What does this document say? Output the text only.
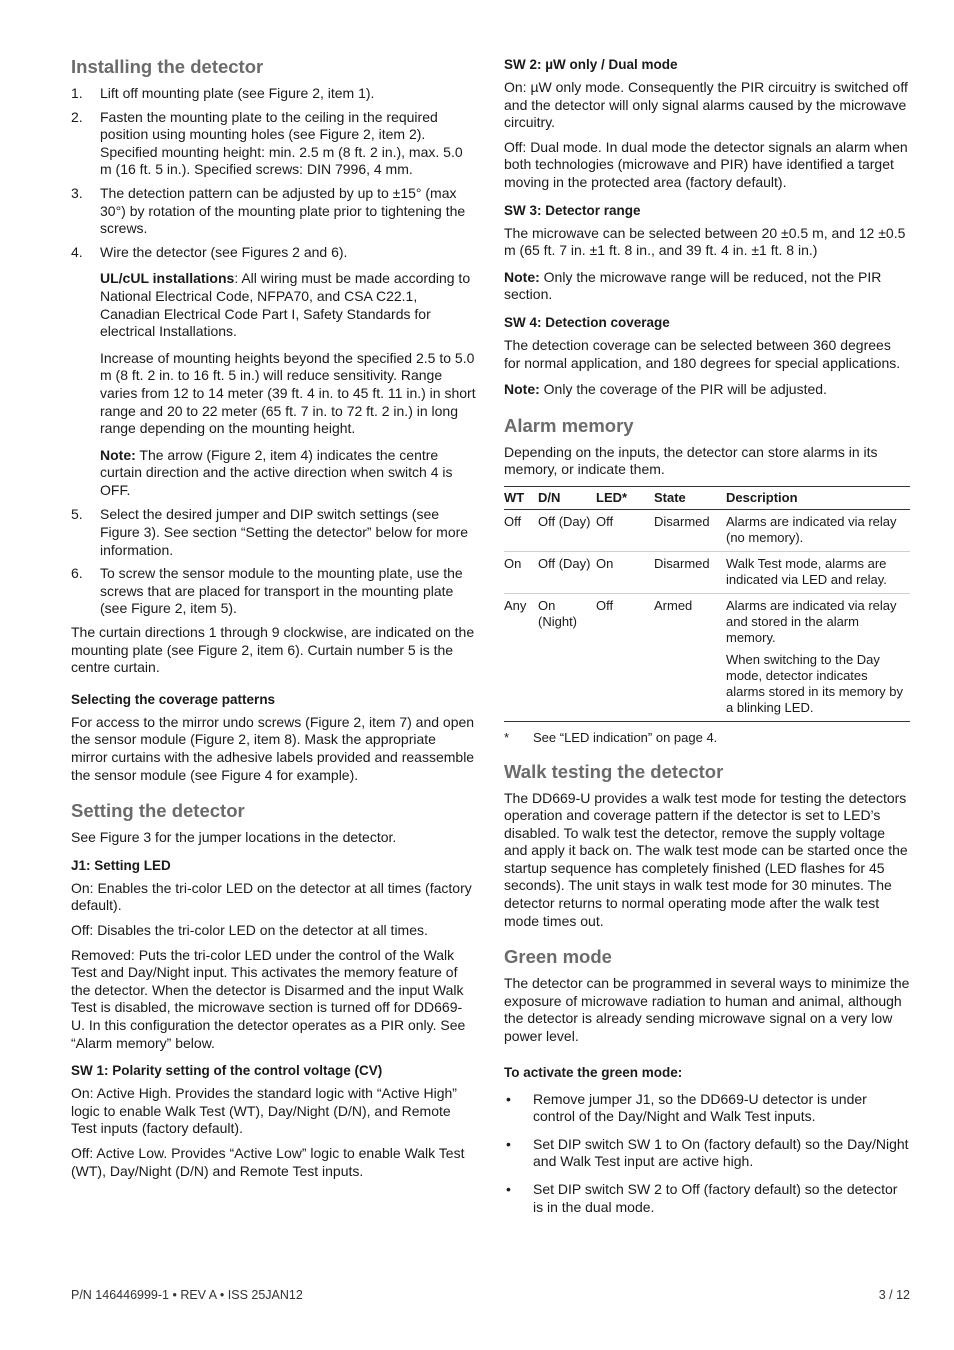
Installing the detector
1. Lift off mounting plate (see Figure 2, item 1).
2. Fasten the mounting plate to the ceiling in the required position using mounting holes (see Figure 2, item 2). Specified mounting height: min. 2.5 m (8 ft. 2 in.), max. 5.0 m (16 ft. 5 in.). Specified screws: DIN 7996, 4 mm.
3. The detection pattern can be adjusted by up to ±15° (max 30°) by rotation of the mounting plate prior to tightening the screws.
4. Wire the detector (see Figures 2 and 6).

UL/cUL installations: All wiring must be made according to National Electrical Code, NFPA70, and CSA C22.1, Canadian Electrical Code Part I, Safety Standards for electrical Installations.

Increase of mounting heights beyond the specified 2.5 to 5.0 m (8 ft. 2 in. to 16 ft. 5 in.) will reduce sensitivity. Range varies from 12 to 14 meter (39 ft. 4 in. to 45 ft. 11 in.) in short range and 20 to 22 meter (65 ft. 7 in. to 72 ft. 2 in.) in long range depending on the mounting height.

Note: The arrow (Figure 2, item 4) indicates the centre curtain direction and the active direction when switch 4 is OFF.

5. Select the desired jumper and DIP switch settings (see Figure 3). See section “Setting the detector” below for more information.
6. To screw the sensor module to the mounting plate, use the screws that are placed for transport in the mounting plate (see Figure 2, item 5).

The curtain directions 1 through 9 clockwise, are indicated on the mounting plate (see Figure 2, item 6). Curtain number 5 is the centre curtain.

Selecting the coverage patterns

For access to the mirror undo screws (Figure 2, item 7) and open the sensor module (Figure 2, item 8). Mask the appropriate mirror curtains with the adhesive labels provided and reassemble the sensor module (see Figure 4 for example).

Setting the detector

See Figure 3 for the jumper locations in the detector.

J1: Setting LED

On: Enables the tri-color LED on the detector at all times (factory default).

Off: Disables the tri-color LED on the detector at all times.

Removed: Puts the tri-color LED under the control of the Walk Test and Day/Night input. This activates the memory feature of the detector. When the detector is Disarmed and the input Walk Test is disabled, the microwave section is turned off for DD669-U. In this configuration the detector operates as a PIR only. See “Alarm memory” below.

SW 1: Polarity setting of the control voltage (CV)

On: Active High. Provides the standard logic with “Active High” logic to enable Walk Test (WT), Day/Night (D/N), and Remote Test inputs (factory default).

Off: Active Low. Provides “Active Low” logic to enable Walk Test (WT), Day/Night (D/N) and Remote Test inputs.

SW 2: µW only / Dual mode

On: µW only mode. Consequently the PIR circuitry is switched off and the detector will only signal alarms caused by the microwave circuitry.

Off: Dual mode. In dual mode the detector signals an alarm when both technologies (microwave and PIR) have identified a target moving in the protected area (factory default).

SW 3: Detector range

The microwave can be selected between 20 ±0.5 m, and 12 ±0.5 m (65 ft. 7 in. ±1 ft. 8 in., and 39 ft. 4 in. ±1 ft. 8 in.)

Note: Only the microwave range will be reduced, not the PIR section.

SW 4: Detection coverage

The detection coverage can be selected between 360 degrees for normal application, and 180 degrees for special applications.

Note: Only the coverage of the PIR will be adjusted.

Alarm memory

Depending on the inputs, the detector can store alarms in its memory, or indicate them.

WT	D/N	LED*	State	Description
Off	Off (Day)	Off	Disarmed	Alarms are indicated via relay (no memory).
On	Off (Day)	On	Disarmed	Walk Test mode, alarms are indicated via LED and relay.
Any	On (Night)	Off	Armed	Alarms are indicated via relay and stored in the alarm memory.

When switching to the Day mode, detector indicates alarms stored in its memory by a blinking LED.

* See “LED indication” on page 4.
Walk testing the detector

The DD669-U provides a walk test mode for testing the detectors operation and coverage pattern if the detector is set to LED’s disabled. To walk test the detector, remove the supply voltage and apply it back on. The walk test mode can be started once the startup sequence has completely finished (LED flashes for 45 seconds). The unit stays in walk test mode for 30 minutes. The detector returns to normal operating mode after the walk test mode times out.

Green mode

The detector can be programmed in several ways to minimize the exposure of microwave radiation to human and animal, although the detector is already sending microwave signal on a very low power level.

To activate the green mode:
• Remove jumper J1, so the DD669-U detector is under control of the Day/Night and Walk Test inputs.
• Set DIP switch SW 1 to On (factory default) so the Day/Night and Walk Test input are active high.
• Set DIP switch SW 2 to Off (factory default) so the detector is in the dual mode.
P/N 146446999-1 • REV A • ISS 25JAN12	3 / 12
